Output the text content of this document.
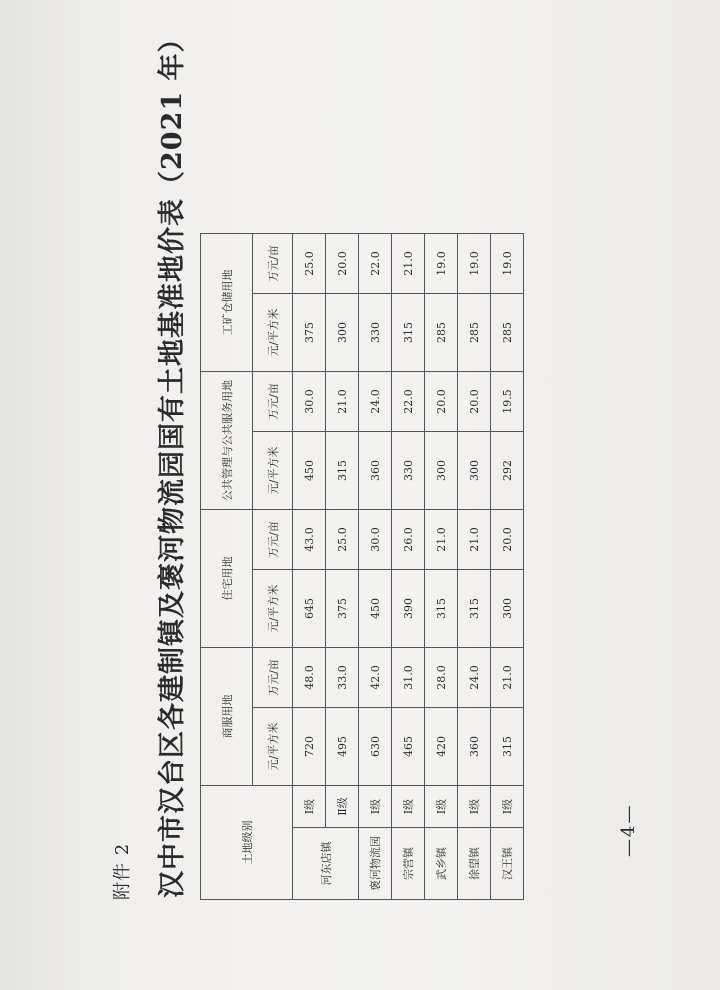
附件 2 汉中市汉台区各建制镇及褒河物流园国有土地基准地价表（2021 年）	土地级别		商服用地		住宅用地		公共管理与公共服务用地		工矿仓储用地	
		元/平方米	万元/亩	元/平方米	万元/亩	元/平方米	万元/亩	元/平方米	万元/亩
河东店镇	Ⅰ级	720	48.0	645	43.0	450	30.0	375	25.0
	Ⅱ级	495	33.0	375	25.0	315	21.0	300	20.0
褒河物流园	Ⅰ级	630	42.0	450	30.0	360	24.0	330	22.0
宗营镇	Ⅰ级	465	31.0	390	26.0	330	22.0	315	21.0
武乡镇	Ⅰ级	420	28.0	315	21.0	300	20.0	285	19.0
徐望镇	Ⅰ级	360	24.0	315	21.0	300	20.0	285	19.0
汉王镇	Ⅰ级	315	21.0	300	20.0	292	19.5	285	19.0
—4—
